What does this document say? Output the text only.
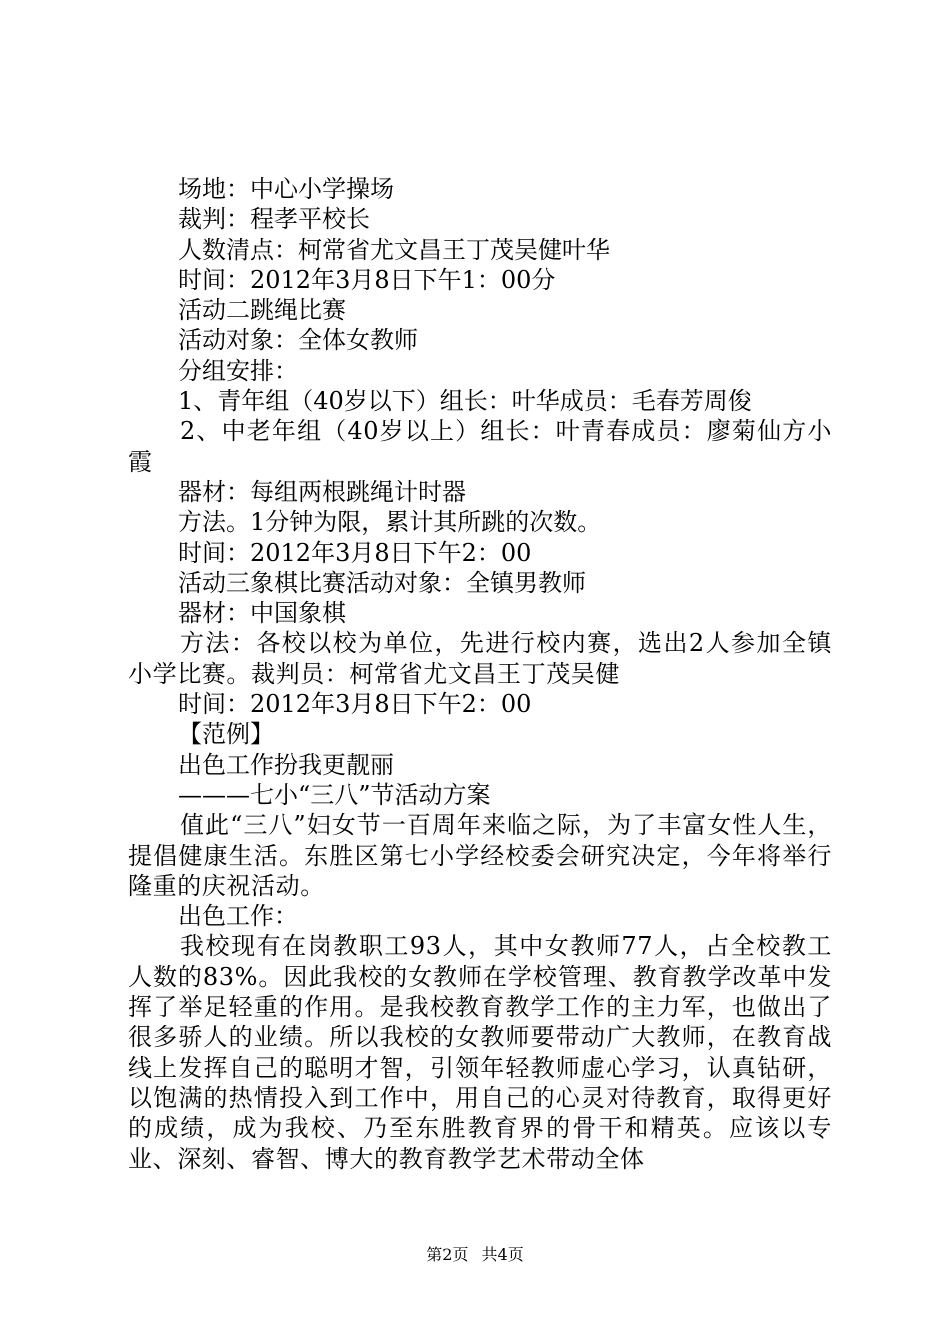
场地：中心小学操场
裁判：程孝平校长
人数清点：柯常省尤文昌王丁茂吴健叶华
时间：2012年3月8日下午1：00分
活动二跳绳比赛
活动对象：全体女教师
分组安排：
1、青年组（40岁以下）组长：叶华成员：毛春芳周俊
2、中老年组（40岁以上）组长：叶青春成员：廖菊仙方小霞
器材：每组两根跳绳计时器
方法。1分钟为限，累计其所跳的次数。
时间：2012年3月8日下午2：00
活动三象棋比赛活动对象：全镇男教师
器材：中国象棋
方法：各校以校为单位，先进行校内赛，选出2人参加全镇小学比赛。裁判员：柯常省尤文昌王丁茂吴健
时间：2012年3月8日下午2：00
【范例】
出色工作扮我更靓丽
———七小“三八”节活动方案
值此“三八”妇女节一百周年来临之际，为了丰富女性人生，提倡健康生活。东胜区第七小学经校委会研究决定，今年将举行隆重的庆祝活动。
出色工作：
我校现有在岗教职工93人，其中女教师77人，占全校教工人数的83%。因此我校的女教师在学校管理、教育教学改革中发挥了举足轻重的作用。是我校教育教学工作的主力军，也做出了很多骄人的业绩。所以我校的女教师要带动广大教师，在教育战线上发挥自己的聪明才智，引领年轻教师虚心学习，认真钻研，以饱满的热情投入到工作中，用自己的心灵对待教育，取得更好的成绩，成为我校、乃至东胜教育界的骨干和精英。应该以专业、深刻、睿智、博大的教育教学艺术带动全体
第2页 共4页
